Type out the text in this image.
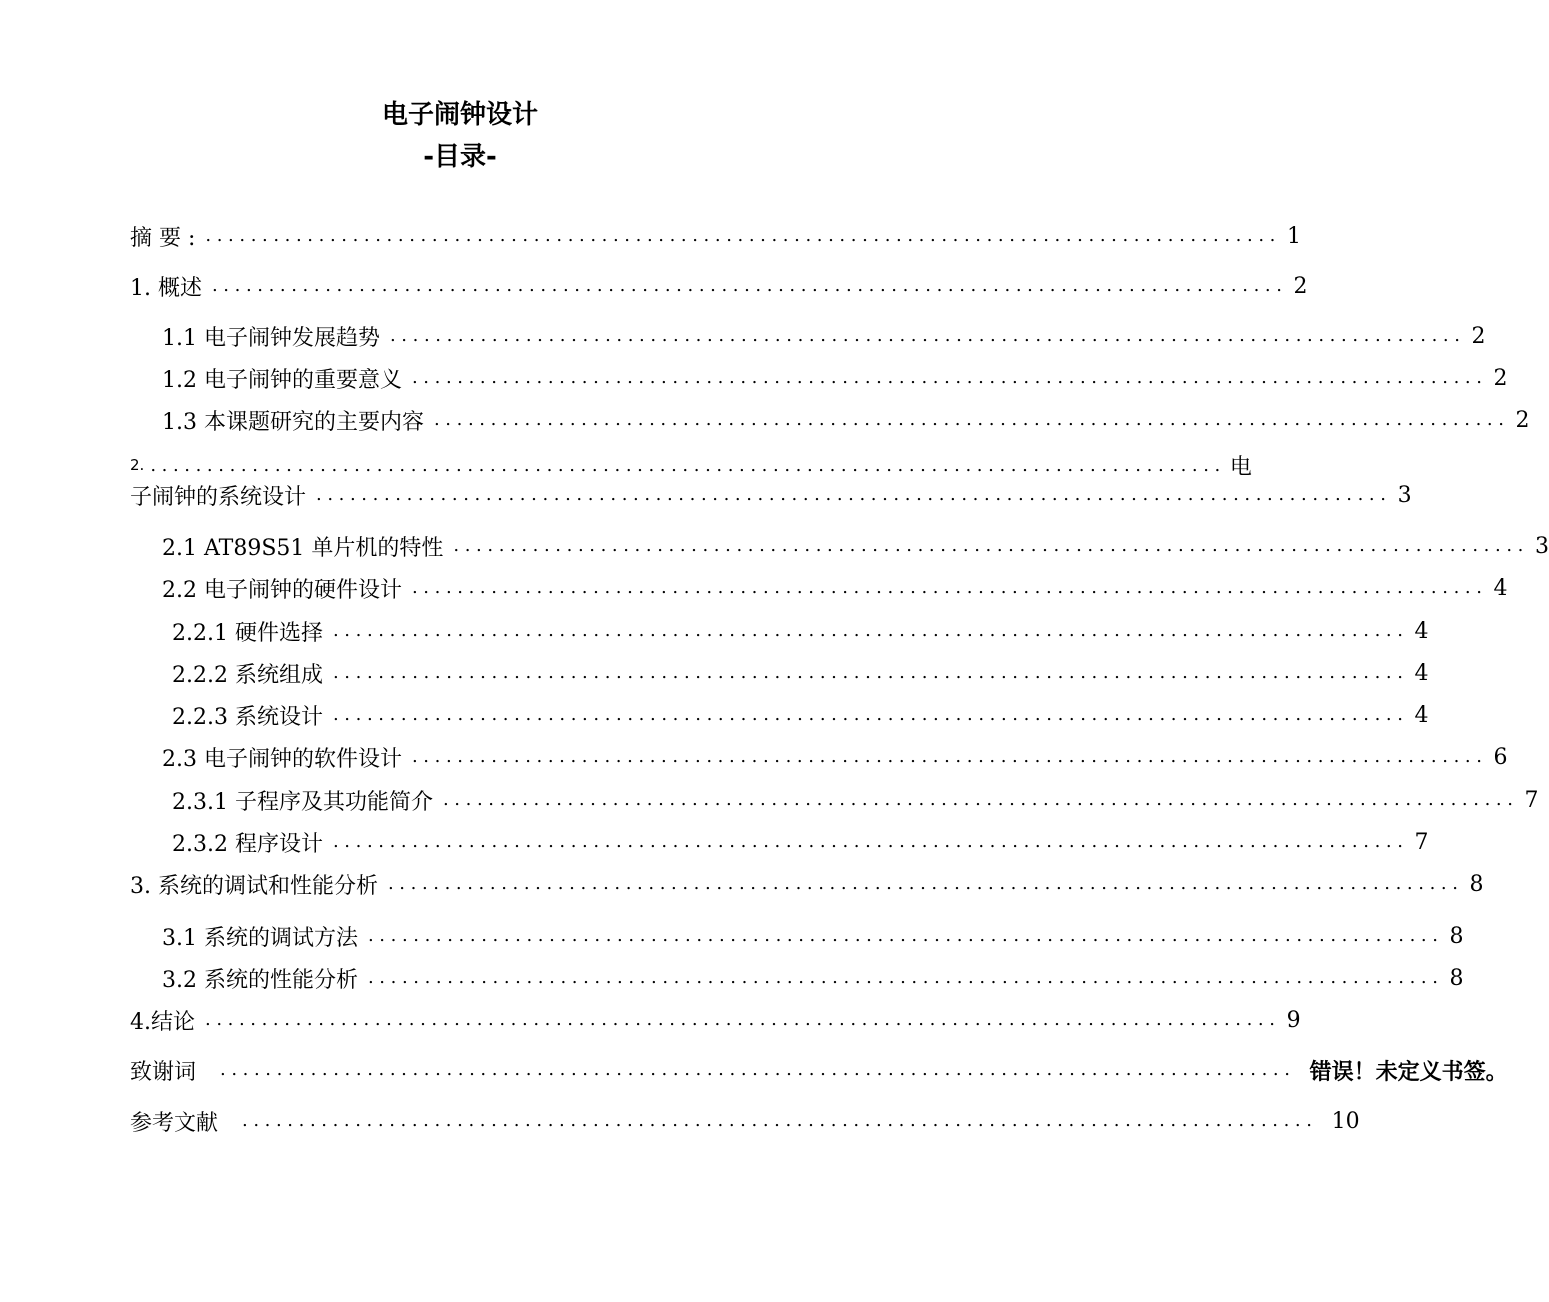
电子闹钟设计
-目录-
摘 要 : ............................................................................................... 1
1. 概述 ............................................................................................... 2
1.1 电子闹钟发展趋势 ............................................................................................... 2
1.2 电子闹钟的重要意义 ............................................................................................... 2
1.3 本课题研究的主要内容 ............................................................................................... 2
2. ............................................................................................... 电
子闹钟的系统设计 ............................................................................................... 3
2.1 AT89S51 单片机的特性 ............................................................................................... 3
2.2 电子闹钟的硬件设计 ............................................................................................... 4
2.2.1 硬件选择 ............................................................................................... 4
2.2.2 系统组成 ............................................................................................... 4
2.2.3 系统设计 ............................................................................................... 4
2.3 电子闹钟的软件设计 ............................................................................................... 6
2.3.1 子程序及其功能简介 ............................................................................................... 7
2.3.2 程序设计 ............................................................................................... 7
3. 系统的调试和性能分析 ............................................................................................... 8
3.1 系统的调试方法 ............................................................................................... 8
3.2 系统的性能分析 ............................................................................................... 8
4.结论 ............................................................................................... 9
致谢词 ............................................................................................... 错误！未定义书签。
参考文献 ............................................................................................... 10
